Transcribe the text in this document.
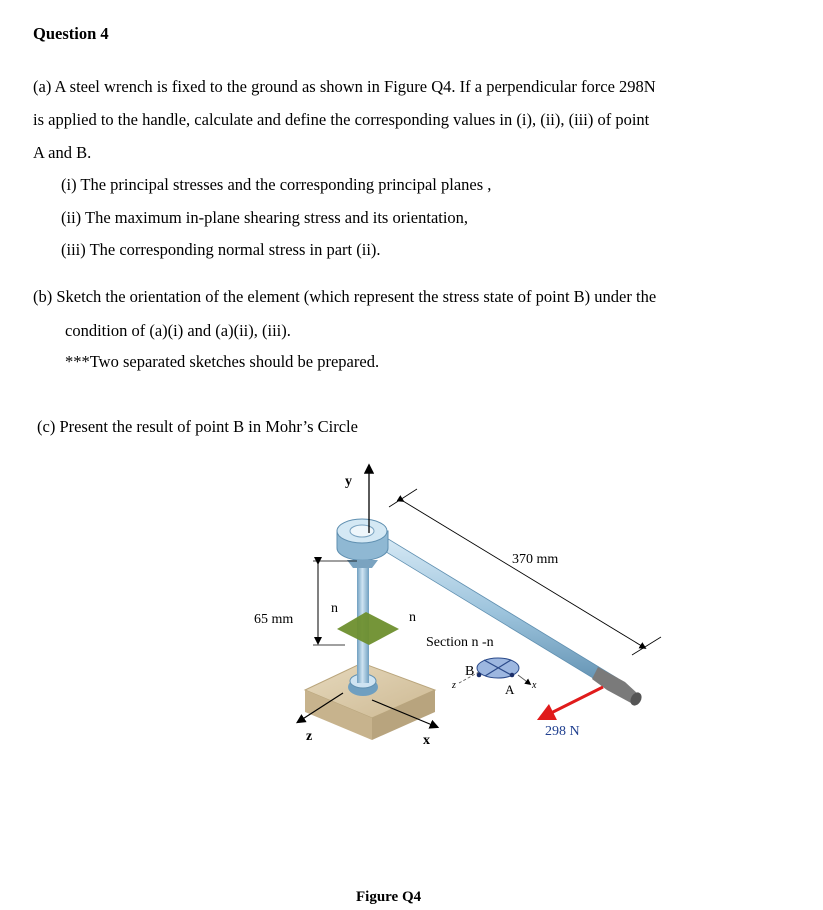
Question 4
(a) A steel wrench is fixed to the ground as shown in Figure Q4. If a perpendicular force 298N
is applied to the handle, calculate and define the corresponding values in (i), (ii), (iii) of point
A and B.
(i) The principal stresses and the corresponding principal planes ,
(ii) The maximum in-plane shearing stress and its orientation,
(iii) The corresponding normal stress in part (ii).
(b) Sketch the orientation of the element (which represent the stress state of point B) under the
condition of (a)(i) and (a)(ii), (iii).
***Two separated sketches should be prepared.
(c) Present the result of point B in Mohr’s Circle
y
65 mm
370 mm
n
n
Section n -n
B
A
z	x
z	x
298 N
Figure Q4
